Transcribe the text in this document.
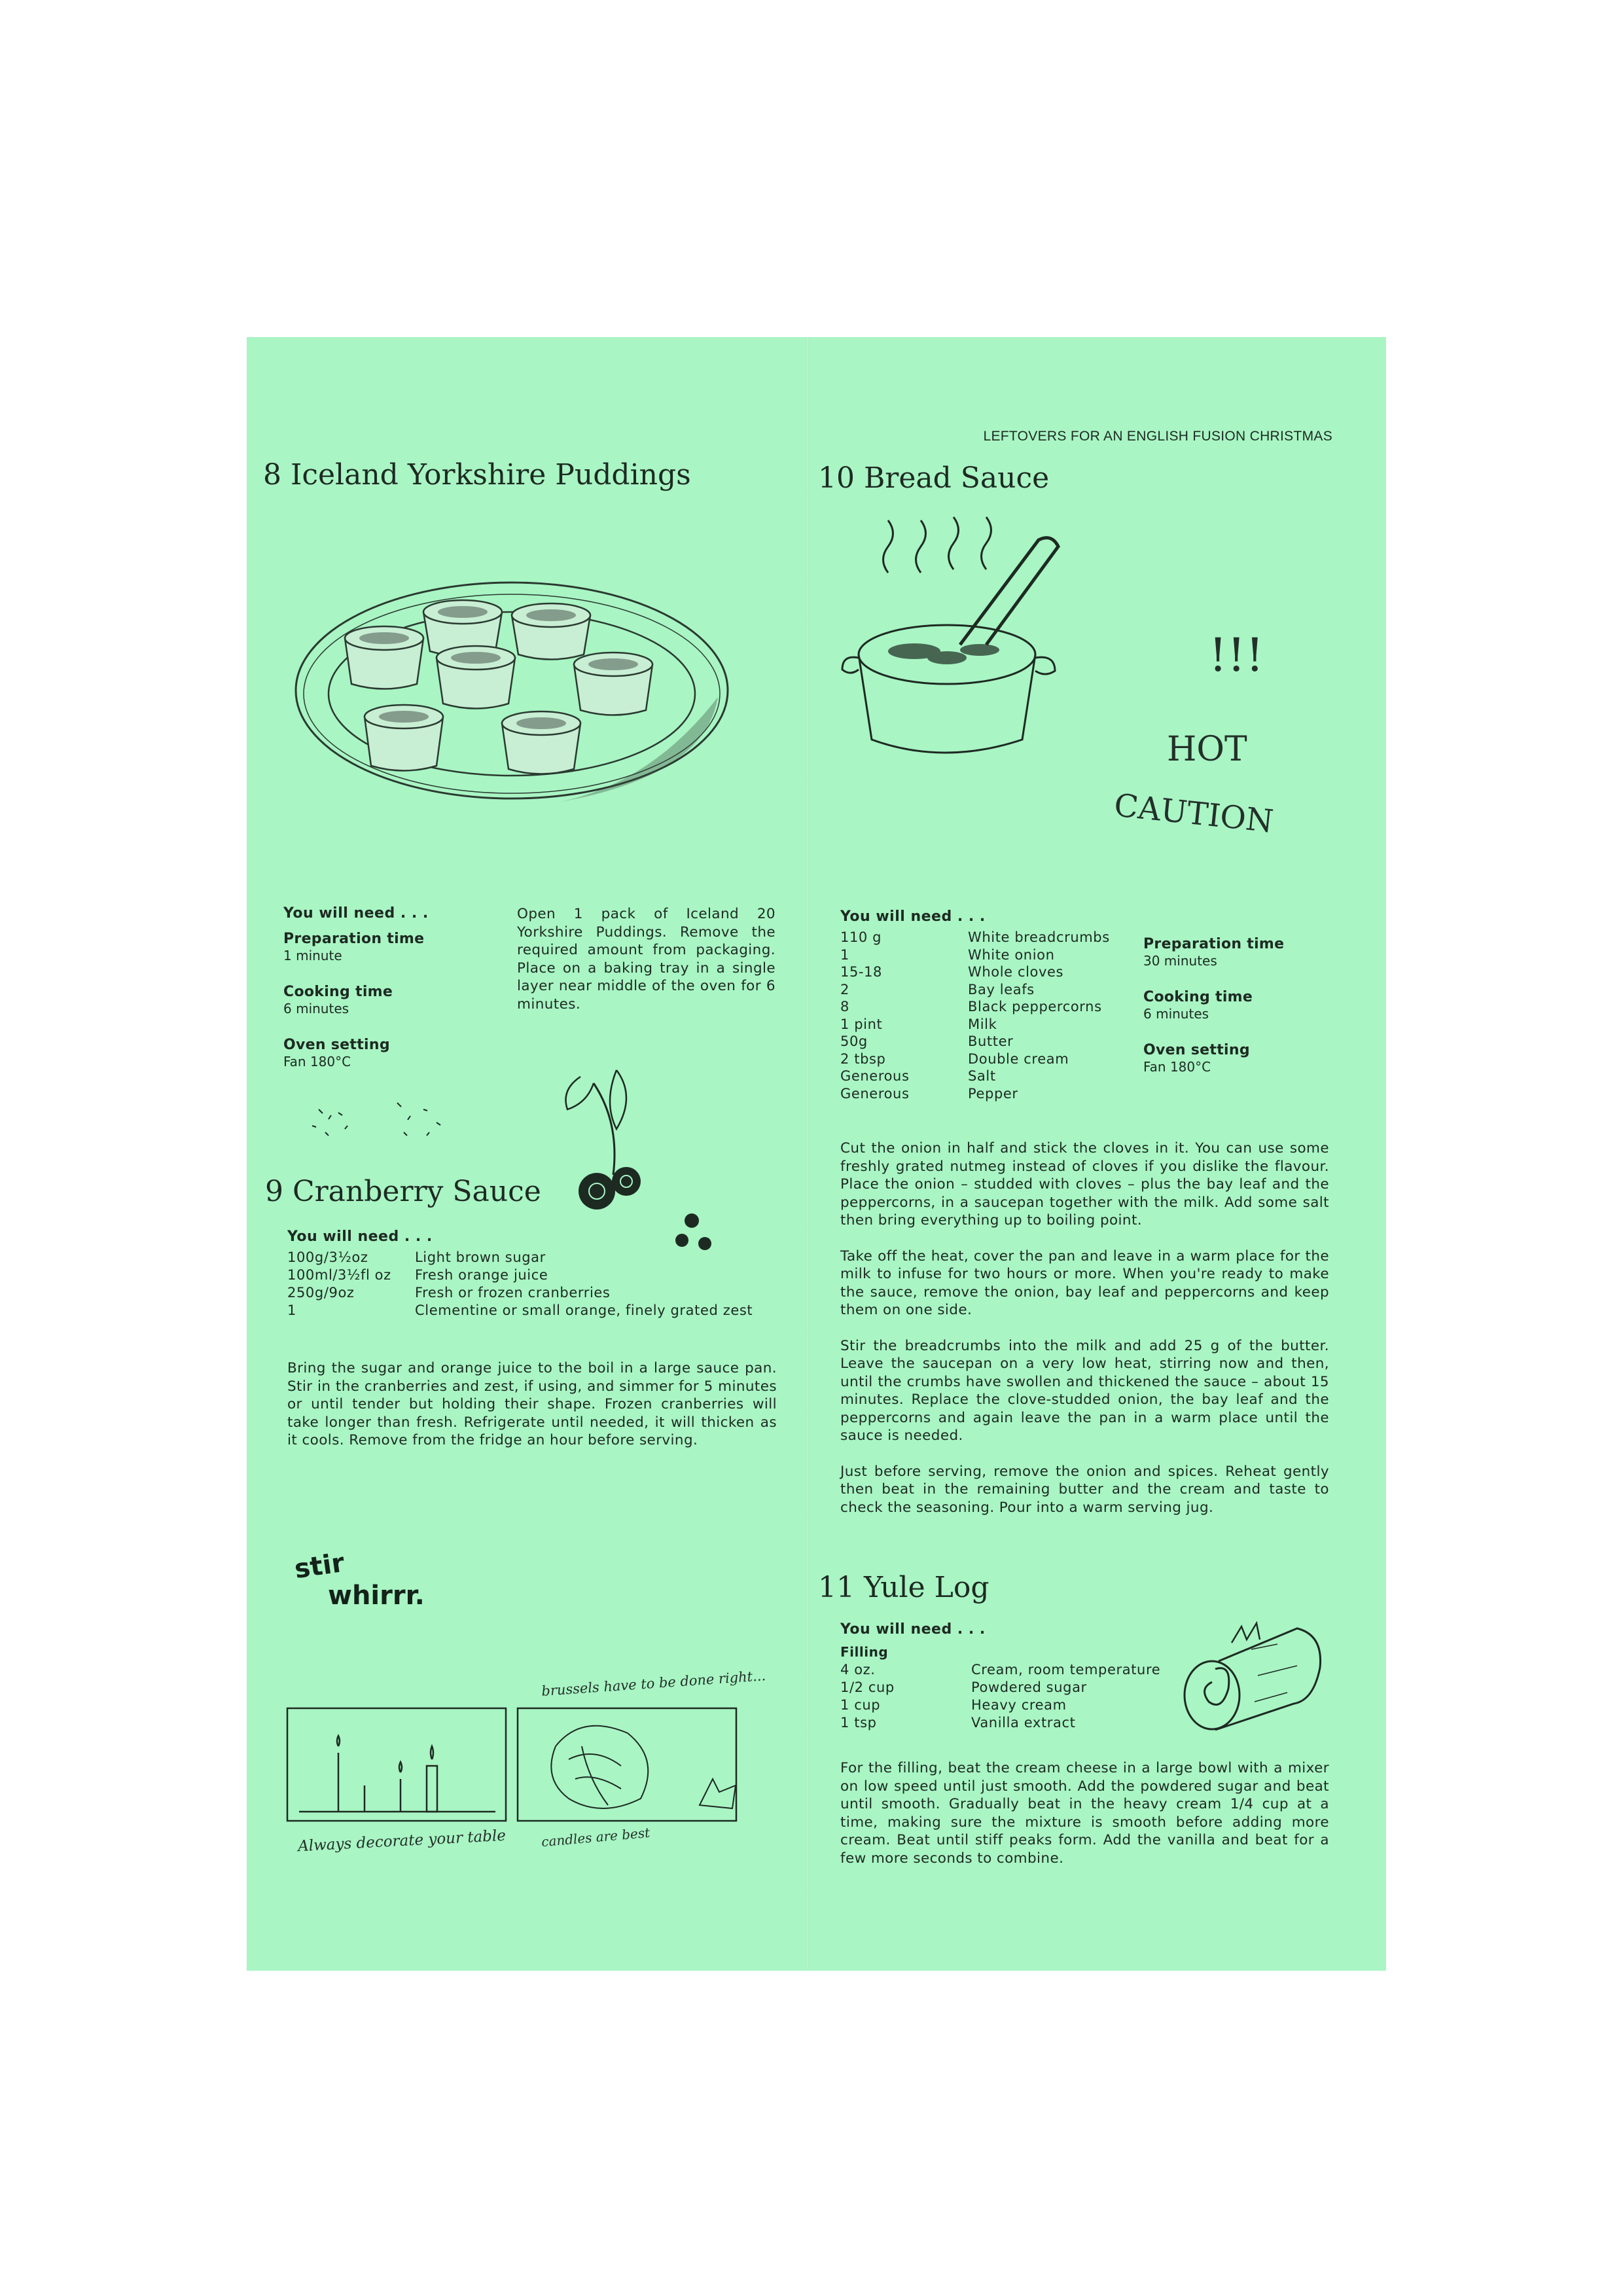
LEFTOVERS FOR AN ENGLISH FUSION CHRISTMAS
8 Iceland Yorkshire Puddings
You will need . . .
Preparation time
1 minute
Cooking time
6 minutes
Oven setting
Fan 180°C

Open 1 pack of Iceland 20 Yorkshire Puddings. Remove the required amount from packaging. Place on a baking tray in a single layer near middle of the oven for 6 minutes.

9 Cranberry Sauce
You will need . . .
100g/3½oz	Light brown sugar
100ml/3½fl oz	Fresh orange juice
250g/9oz	Fresh or frozen cranberries
1	Clementine or small orange, finely grated zest

Bring the sugar and orange juice to the boil in a large sauce pan. Stir in the cranberries and zest, if using, and simmer for 5 minutes or until tender but holding their shape. Frozen cranberries will take longer than fresh. Refrigerate until needed, it will thicken as it cools. Remove from the fridge an hour before serving.

stir
whirrr.
brussels have to be done right...
Always decorate your table	candles are best
10 Bread Sauce
!!!
HOT
CAUTION
You will need . . .
110 g	White breadcrumbs
1	White onion
15-18	Whole cloves
2	Bay leafs
8	Black peppercorns
1 pint	Milk
50g	Butter
2 tbsp	Double cream
Generous	Salt
Generous	Pepper
Preparation time
30 minutes
Cooking time
6 minutes
Oven setting
Fan 180°C

Cut the onion in half and stick the cloves in it. You can use some freshly grated nutmeg instead of cloves if you dislike the flavour. Place the onion – studded with cloves – plus the bay leaf and the peppercorns, in a saucepan together with the milk. Add some salt then bring everything up to boiling point.

Take off the heat, cover the pan and leave in a warm place for the milk to infuse for two hours or more. When you're ready to make the sauce, remove the onion, bay leaf and peppercorns and keep them on one side.

Stir the breadcrumbs into the milk and add 25 g of the butter. Leave the saucepan on a very low heat, stirring now and then, until the crumbs have swollen and thickened the sauce – about 15 minutes. Replace the clove-studded onion, the bay leaf and the peppercorns and again leave the pan in a warm place until the sauce is needed.

Just before serving, remove the onion and spices. Reheat gently then beat in the remaining butter and the cream and taste to check the seasoning. Pour into a warm serving jug.

11 Yule Log
You will need . . .
Filling
4 oz.	Cream, room temperature
1/2 cup	Powdered sugar
1 cup	Heavy cream
1 tsp	Vanilla extract

For the filling, beat the cream cheese in a large bowl with a mixer on low speed until just smooth. Add the powdered sugar and beat until smooth. Gradually beat in the heavy cream 1/4 cup at a time, making sure the mixture is smooth before adding more cream. Beat until stiff peaks form. Add the vanilla and beat for a few more seconds to combine.
